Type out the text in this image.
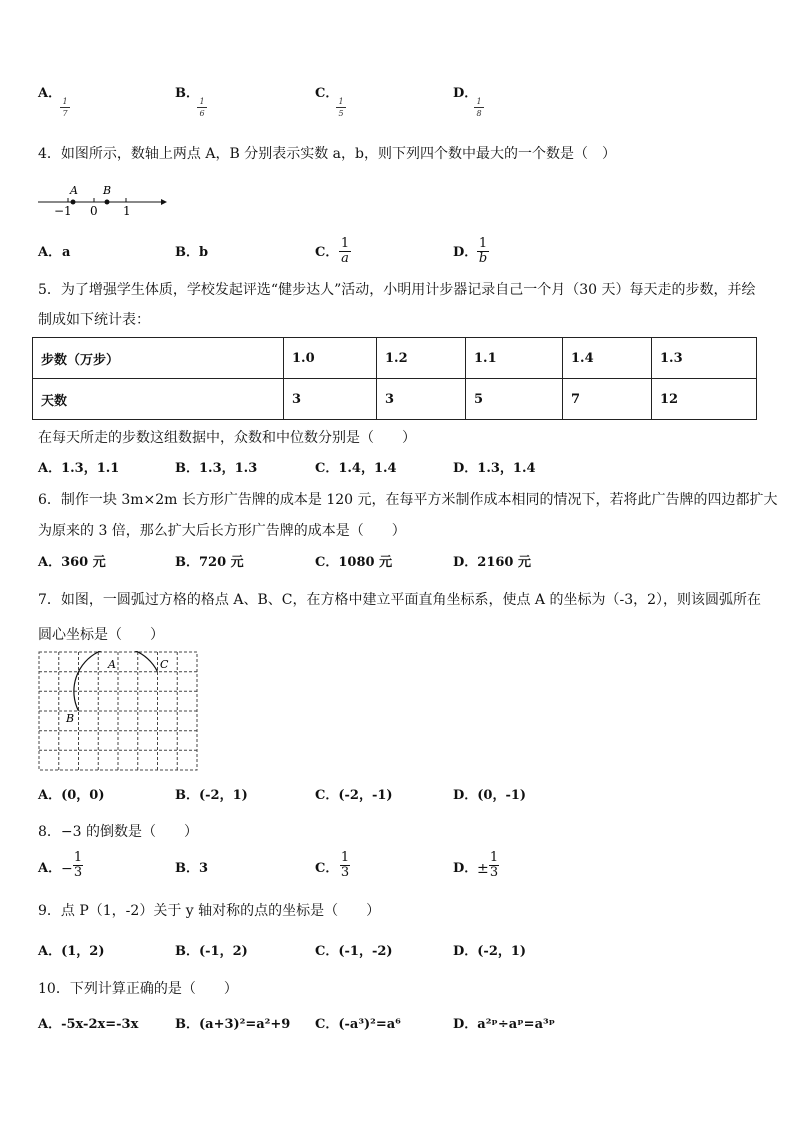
A．
1
7
B．
1
6
C．
1
5
D．
1
8
4．如图所示，数轴上两点 A，B 分别表示实数 a，b，则下列四个数中最大的一个数是（　）
A B
−1 0 1
A． a	B． b	C．
1
a	D．
1
b
5．为了增强学生体质，学校发起评选“健步达人”活动，小明用计步器记录自己一个月（30 天）每天走的步数，并绘
制成如下统计表：
步数（万步）	1.0	1.2	1.1	1.4	1.3
天数	3	3	5	7	12
在每天所走的步数这组数据中，众数和中位数分别是（　　）
A．1.3，1.1	B．1.3，1.3	C．1.4，1.4	D．1.3，1.4
6．制作一块 3m×2m 长方形广告牌的成本是 120 元，在每平方米制作成本相同的情况下，若将此广告牌的四边都扩大
为原来的 3 倍，那么扩大后长方形广告牌的成本是（　　）
A．360 元	B．720 元	C．1080 元	D．2160 元
7．如图，一圆弧过方格的格点 A、B、C，在方格中建立平面直角坐标系，使点 A 的坐标为（-3，2），则该圆弧所在
圆心坐标是（　　）
A
B
C
A．(0，0)	B．(-2，1)	C．(-2，-1)	D．(0，-1)
8．−3 的倒数是（　　）
A． −
1
3	B．3	C．
1
3	D． ±
1
3
9．点 P（1，-2）关于 y 轴对称的点的坐标是（　　）
A．(1，2)	B．(-1，2)	C．(-1，-2)	D．(-2，1)
10．下列计算正确的是（　　）
A．-5x-2x=-3x	B．(a+3)²=a²+9 C．(-a³)²=a⁶	D．a²ᵖ÷aᵖ=a³ᵖ
